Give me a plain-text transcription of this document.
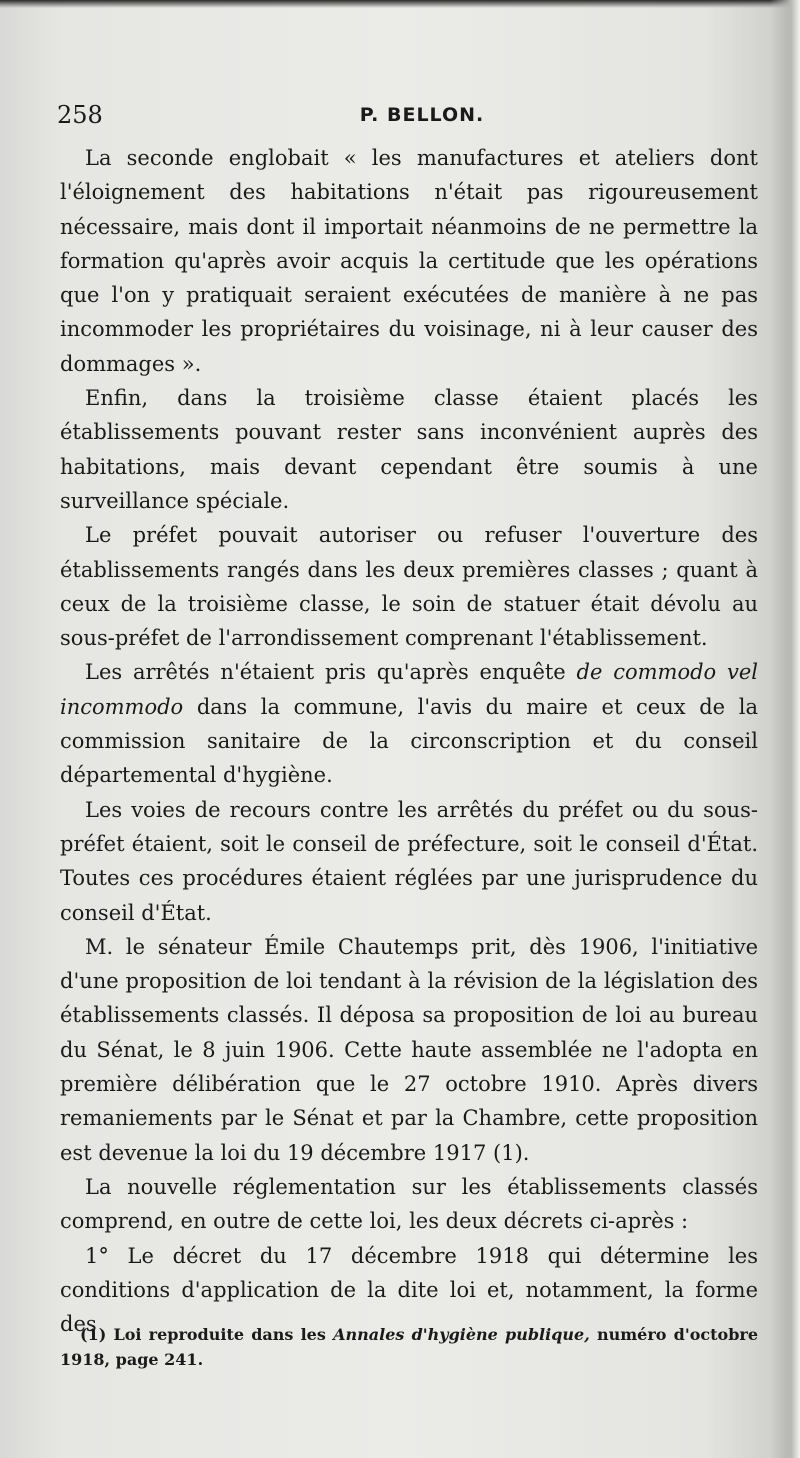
258	P. BELLON.

La seconde englobait « les manufactures et ateliers dont l'éloignement des habitations n'était pas rigoureusement nécessaire, mais dont il importait néanmoins de ne permettre la formation qu'après avoir acquis la certitude que les opérations que l'on y pratiquait seraient exécutées de manière à ne pas incommoder les propriétaires du voisinage, ni à leur causer des dommages ».

Enfin, dans la troisième classe étaient placés les établissements pouvant rester sans inconvénient auprès des habitations, mais devant cependant être soumis à une surveillance spéciale.

Le préfet pouvait autoriser ou refuser l'ouverture des établissements rangés dans les deux premières classes ; quant à ceux de la troisième classe, le soin de statuer était dévolu au sous-préfet de l'arrondissement comprenant l'établissement.

Les arrêtés n'étaient pris qu'après enquête de commodo vel incommodo dans la commune, l'avis du maire et ceux de la commission sanitaire de la circonscription et du conseil départemental d'hygiène.

Les voies de recours contre les arrêtés du préfet ou du sous-préfet étaient, soit le conseil de préfecture, soit le conseil d'État. Toutes ces procédures étaient réglées par une jurisprudence du conseil d'État.

M. le sénateur Émile Chautemps prit, dès 1906, l'initiative d'une proposition de loi tendant à la révision de la législation des établissements classés. Il déposa sa proposition de loi au bureau du Sénat, le 8 juin 1906. Cette haute assemblée ne l'adopta en première délibération que le 27 octobre 1910. Après divers remaniements par le Sénat et par la Chambre, cette proposition est devenue la loi du 19 décembre 1917 (1).

La nouvelle réglementation sur les établissements classés comprend, en outre de cette loi, les deux décrets ci-après :

1° Le décret du 17 décembre 1918 qui détermine les conditions d'application de la dite loi et, notamment, la forme des

(1) Loi reproduite dans les Annales d'hygiène publique, numéro d'octobre 1918, page 241.
